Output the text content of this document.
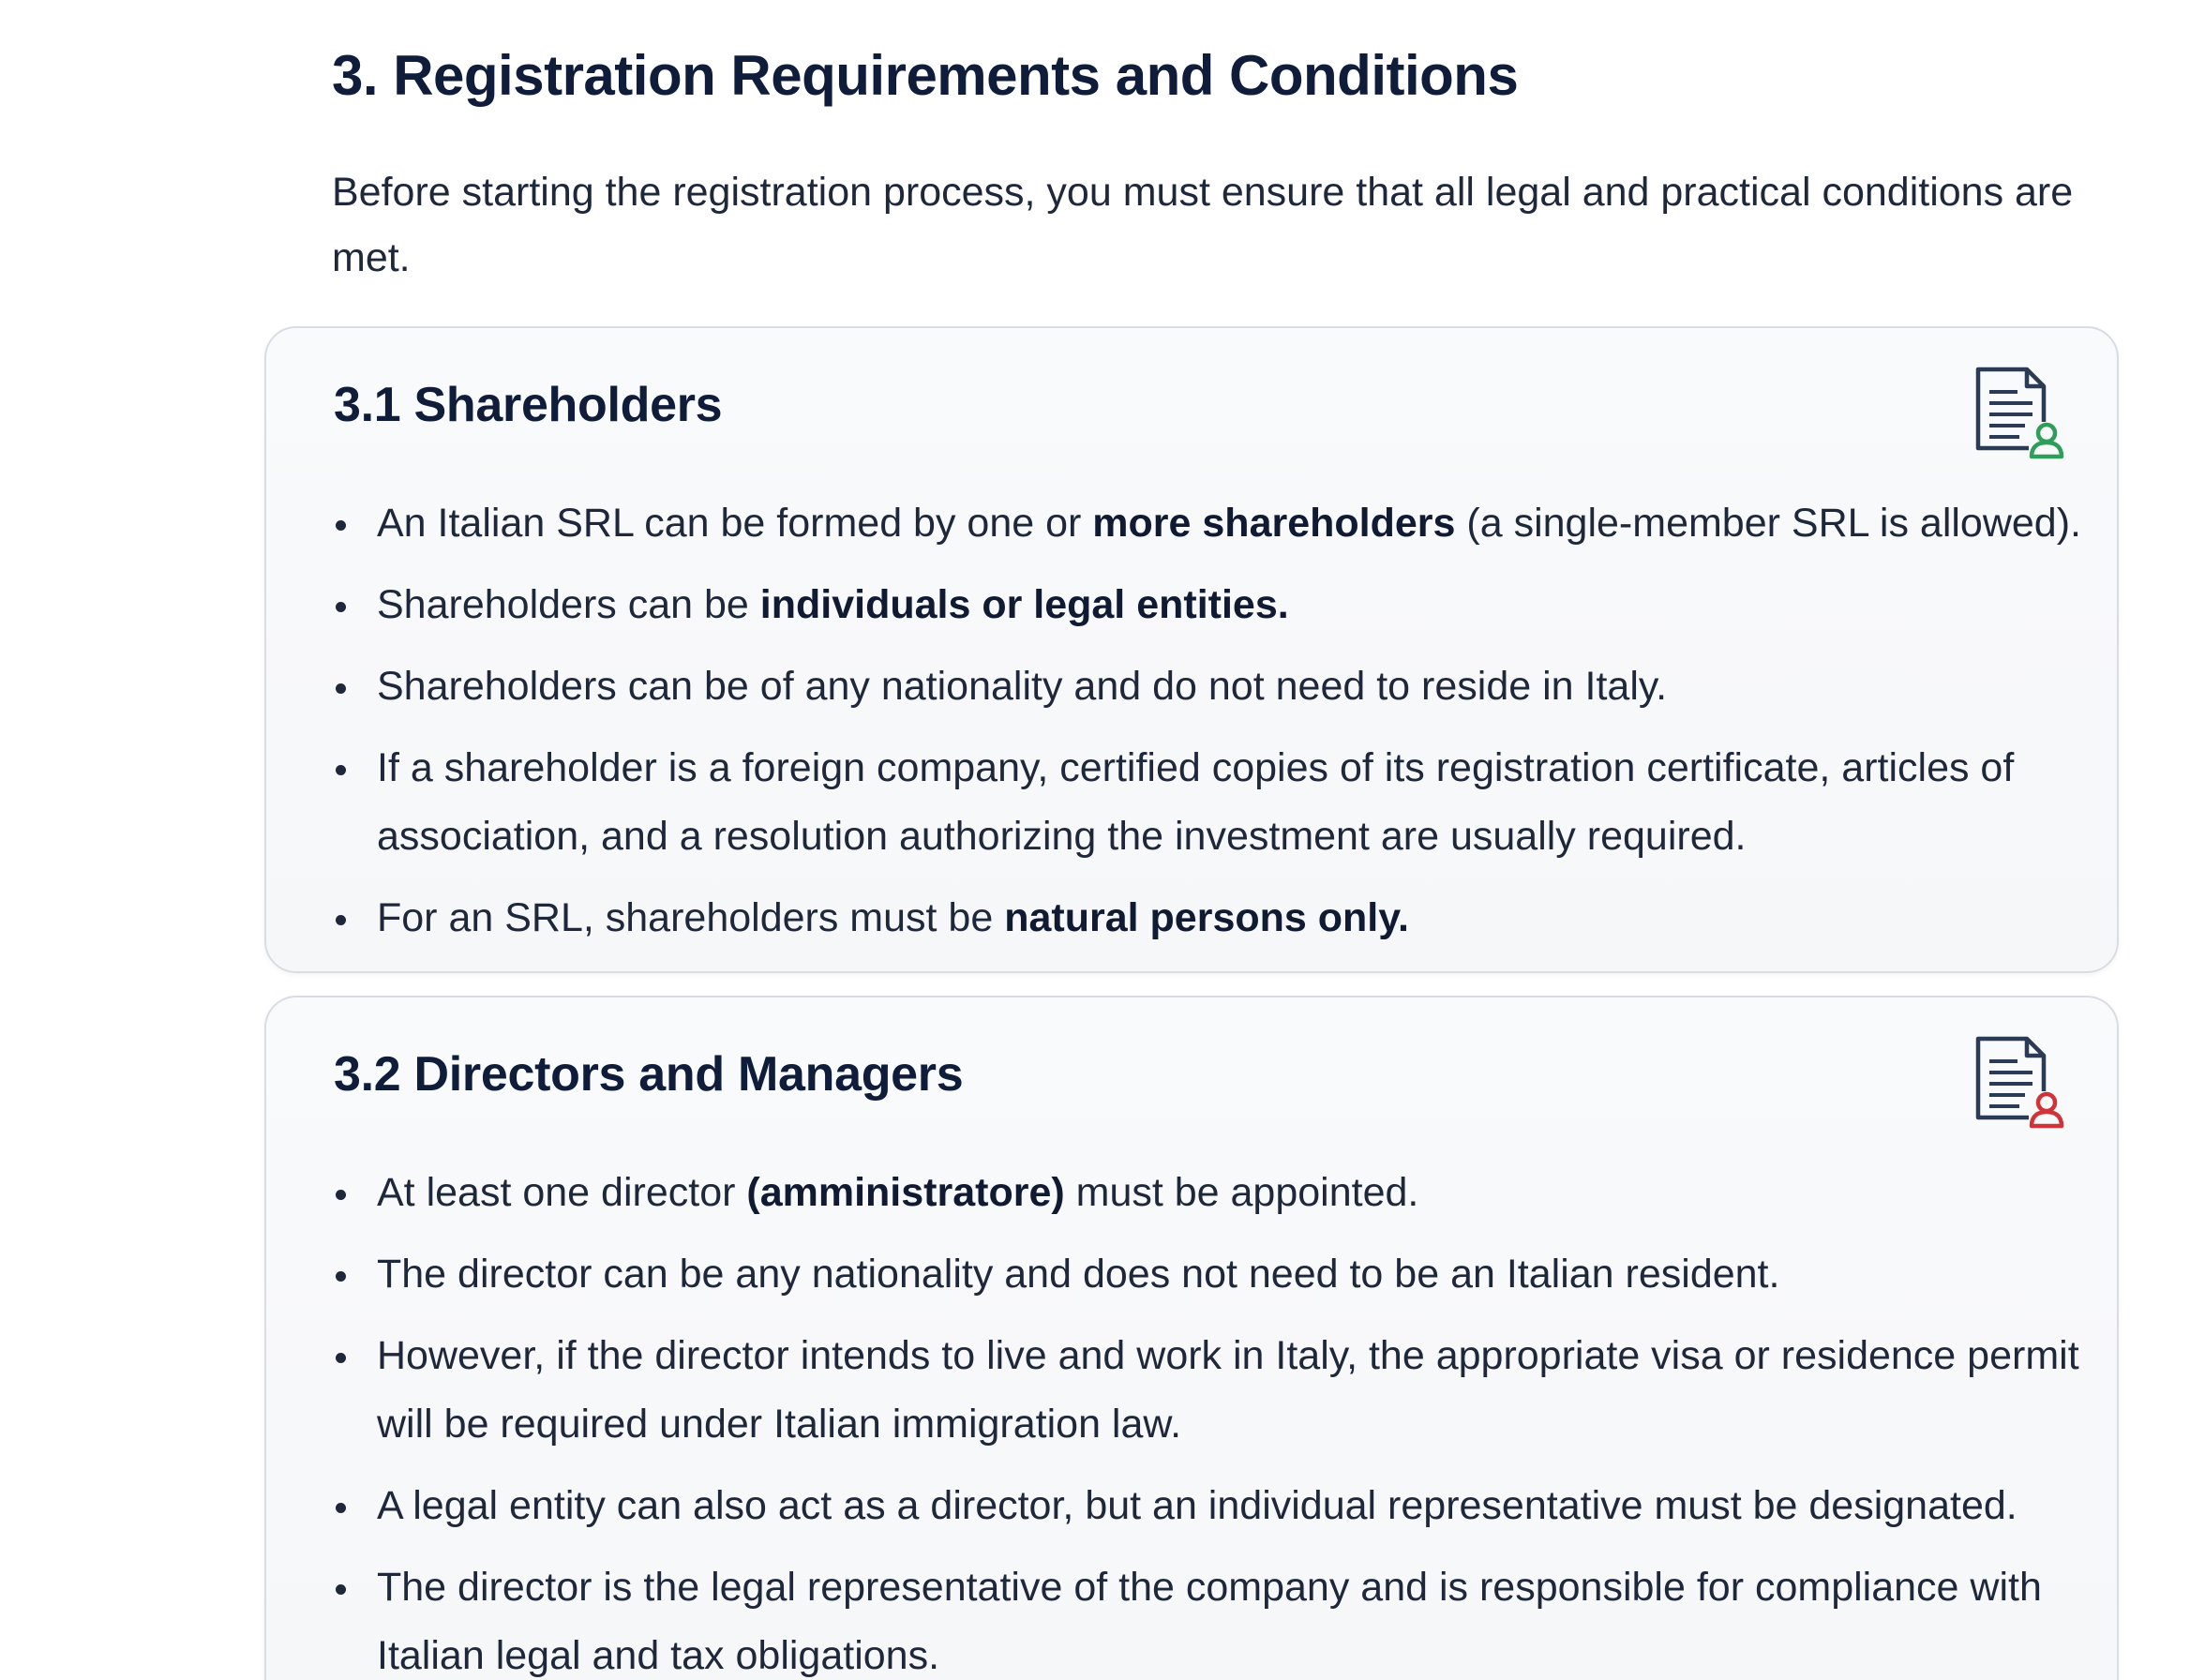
3. Registration Requirements and Conditions

Before starting the registration process, you must ensure that all legal and practical conditions are met.

3.1 Shareholders
An Italian SRL can be formed by one or more shareholders (a single-member SRL is allowed).
Shareholders can be individuals or legal entities.
Shareholders can be of any nationality and do not need to reside in Italy.
If a shareholder is a foreign company, certified copies of its registration certificate, articles of association, and a resolution authorizing the investment are usually required.
For an SRL, shareholders must be natural persons only.
3.2 Directors and Managers
At least one director (amministratore) must be appointed.
The director can be any nationality and does not need to be an Italian resident.
However, if the director intends to live and work in Italy, the appropriate visa or residence permit will be required under Italian immigration law.
A legal entity can also act as a director, but an individual representative must be designated.
The director is the legal representative of the company and is responsible for compliance with Italian legal and tax obligations.
